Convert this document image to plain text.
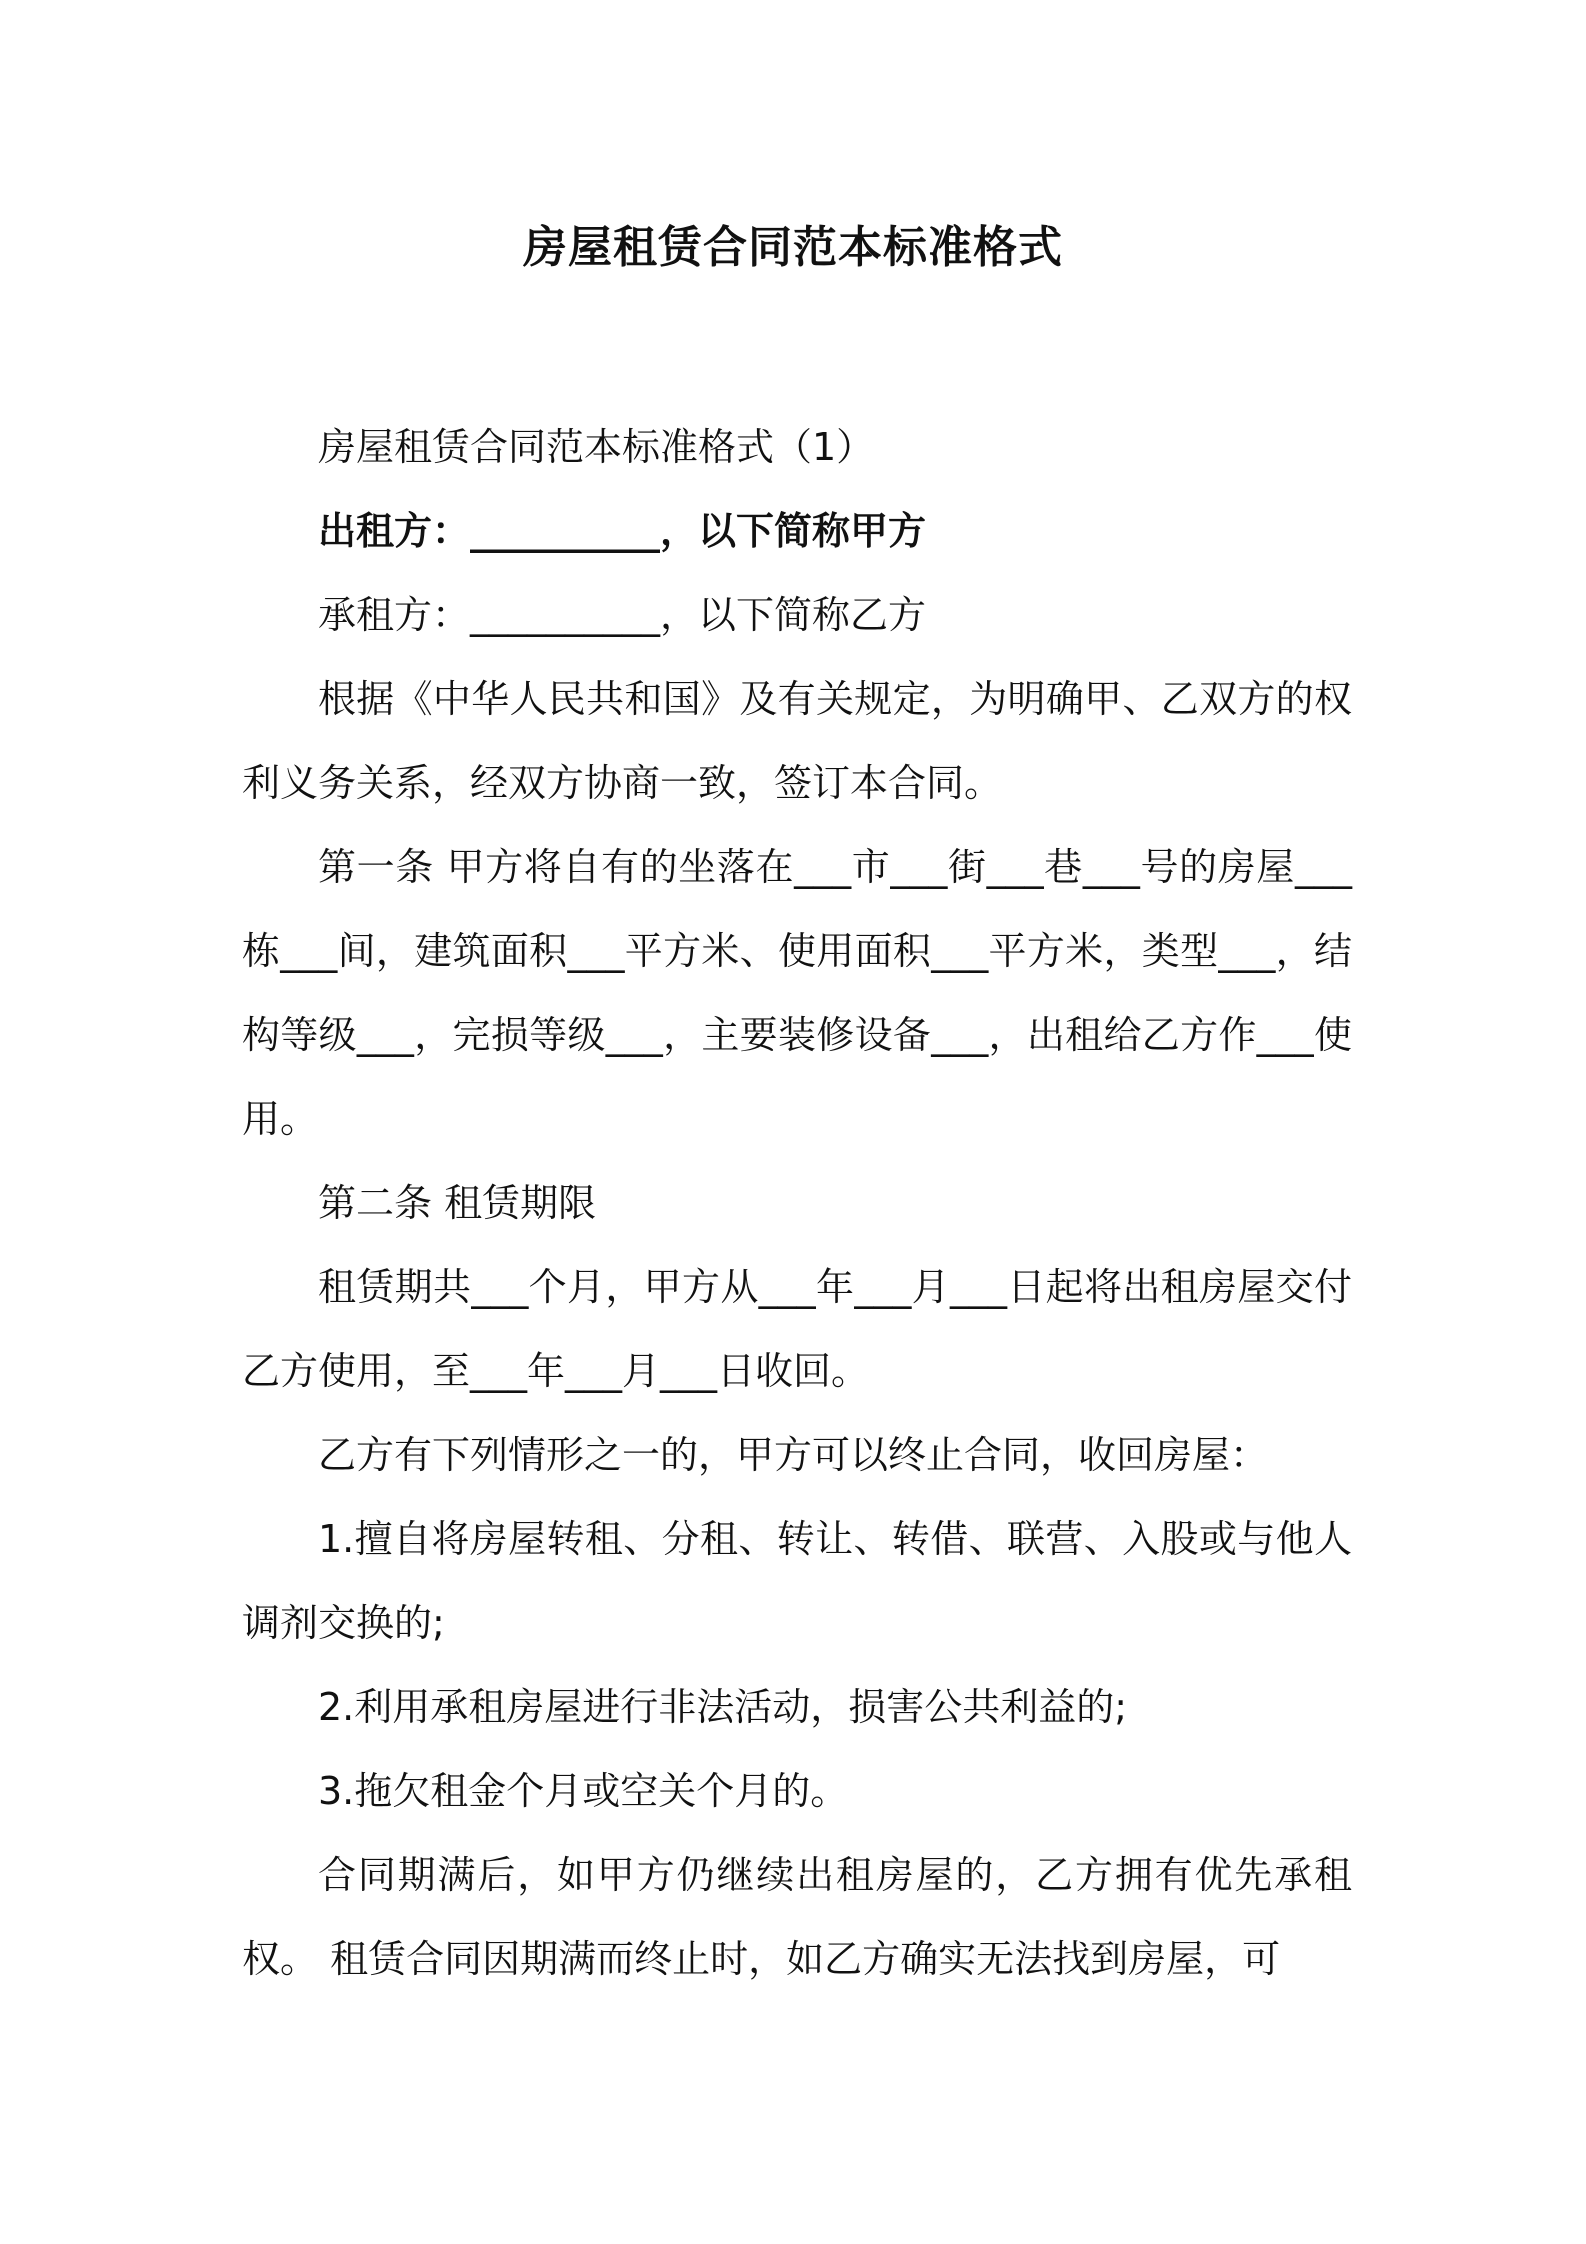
房屋租赁合同范本标准格式

房屋租赁合同范本标准格式（1）

出租方：__________，以下简称甲方

承租方：__________，以下简称乙方

根据《中华人民共和国》及有关规定，为明确甲、乙双方的权利义务关系，经双方协商一致，签订本合同。

第一条 甲方将自有的坐落在___市___街___巷___号的房屋___栋___间，建筑面积___平方米、使用面积___平方米，类型___，结构等级___，完损等级___，主要装修设备___，出租给乙方作___使用。

第二条 租赁期限

租赁期共___个月，甲方从___年___月___日起将出租房屋交付乙方使用，至___年___月___日收回。

乙方有下列情形之一的，甲方可以终止合同，收回房屋：

1.擅自将房屋转租、分租、转让、转借、联营、入股或与他人调剂交换的;

2.利用承租房屋进行非法活动，损害公共利益的;

3.拖欠租金个月或空关个月的。

合同期满后，如甲方仍继续出租房屋的，乙方拥有优先承租权。 租赁合同因期满而终止时，如乙方确实无法找到房屋，可
